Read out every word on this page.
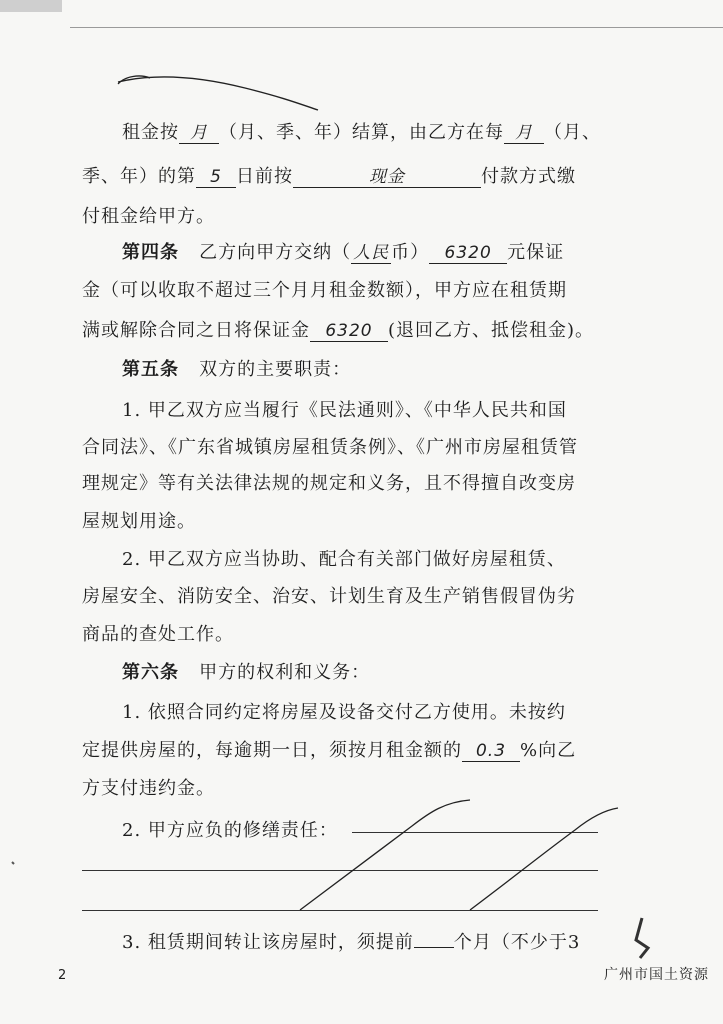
租金按 月 （月、季、年）结算，由乙方在每 月 （月、
季、年）的第 5 日前按	现金	付款方式缴
付租金给甲方。
第四条 乙方向甲方交纳（ 人民 币） 6320 元保证
金（可以收取不超过三个月月租金数额），甲方应在租赁期
满或解除合同之日将保证金 6320 (退回乙方、抵偿租金)。
第五条 双方的主要职责：
1. 甲乙双方应当履行《民法通则》、《中华人民共和国
合同法》、《广东省城镇房屋租赁条例》、《广州市房屋租赁管
理规定》等有关法律法规的规定和义务，且不得擅自改变房
屋规划用途。
2. 甲乙双方应当协助、配合有关部门做好房屋租赁、
房屋安全、消防安全、治安、计划生育及生产销售假冒伪劣
商品的查处工作。
第六条 甲方的权利和义务：
1. 依照合同约定将房屋及设备交付乙方使用。未按约
定提供房屋的，每逾期一日，须按月租金额的 0.3 %向乙
方支付违约金。
2. 甲方应负的修缮责任：
3. 租赁期间转让该房屋时，须提前 个月（不少于3
2	广州市国土资源
